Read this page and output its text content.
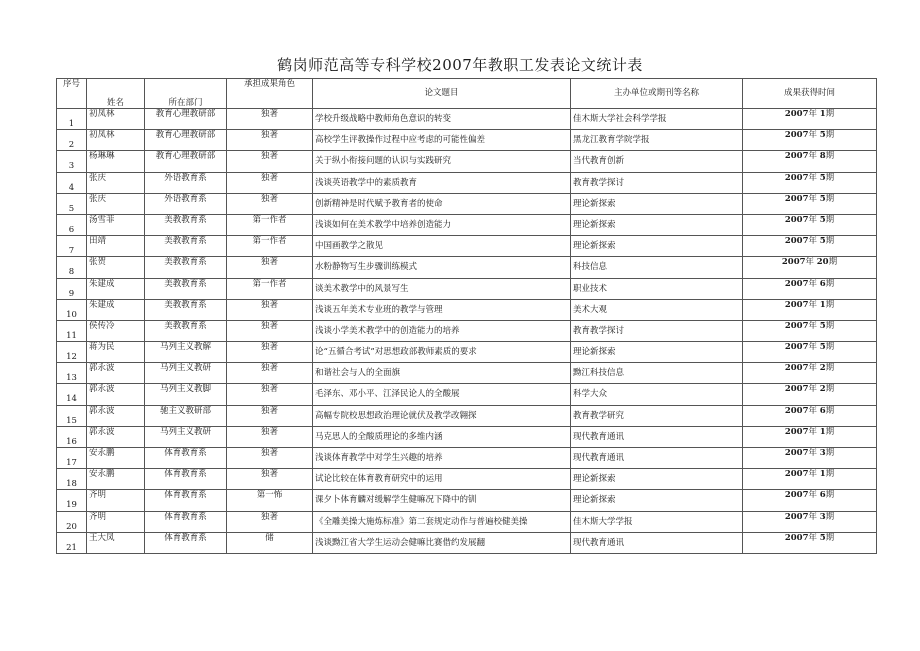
鹤岗师范高等专科学校2007年教职工发表论文统计表
序号	姓名	所在部门	承担成果角色	论文题目	主办单位或期刊等名称	成果获得时间
1	初凤林	教育心理教研部	独著	学校升级战略中教师角色意识的转变	佳木斯大学社会科学学报	2007年 1期
2	初凤林	教育心理教研部	独著	高校学生评教操作过程中应考虑的可能性偏差	黑龙江教育学院学报	2007年 5期
3	杨琳琳	教育心理教研部	独著	关于纵小衔接问题的认识与实践研究	当代教育创新	2007年 8期
4	张庆	外语教育系	独著	浅谈英语教学中的素质教育	教育教学探讨	2007年 5期
5	张庆	外语教育系	独著	创新精神是时代赋予教育者的使命	理论新探索	2007年 5期
6	汤雪菲	美教教育系	第一作者	浅谈如何在美术教学中培养创造能力	理论新探索	2007年 5期
7	田靖	美教教育系	第一作者	中国画教学之散见	理论新探索	2007年 5期
8	张贺	美教教育系	独著	水粉静物写生步骤训练模式	科技信息	2007年 20期
9	朱建成	美教教育系	第一作者	谈美术教学中的风景写生	职业技术	2007年 6期
10	朱建成	美教教育系	独著	浅谈五年美术专业班的教学与管理	美术大观	2007年 1期
11	侯传冷	美教教育系	独著	浅谈小学美术教学中的创造能力的培养	教育教学探讨	2007年 5期
12	蒋为民	马列主义教解	独著	论“五循合考试”对思想政部教师素质的要求	理论新探索	2007年 5期
13	郭永波	马列主义教研	独著	和谐社会与人的全面旗	黝江科技信息	2007年 2期
14	郭永波	马列主义教脚	独著	毛泽东、邓小平、江泽民论人的全酸展	科学大众	2007年 2期
15	郭永波	驰主义教研部	独著	高幅专院校思想政治理论就伏及教学改翱探	教育教学研究	2007年 6期
16	郭永波	马列主义教研	独著	马克思人的全酸质理论的多维内涵	现代教育通讯	2007年 1期
17	安永鹏	体育教育系	独著	浅谈体育教学中对学生兴趣的培养	现代教育通讯	2007年 3期
18	安永鹏	体育教育系	独著	试论比较在体育教育研究中的运用	理论新探索	2007年 1期
19	齐明	体育教育系	第一怖	课夕卜体育麟对缓解学生健嘛况下降中的钏	理论新探索	2007年 6期
20	齐明	体育教育系	独著	《全雕美操大施炼标准》第二套规定动作与普遍校健美操	佳木斯大学学报	2007年 3期
21	王大凤	体育教育系	储	浅谈黝江省大学生运动会健嘛比赛借约发展翻	现代教育通讯	2007年 5期
